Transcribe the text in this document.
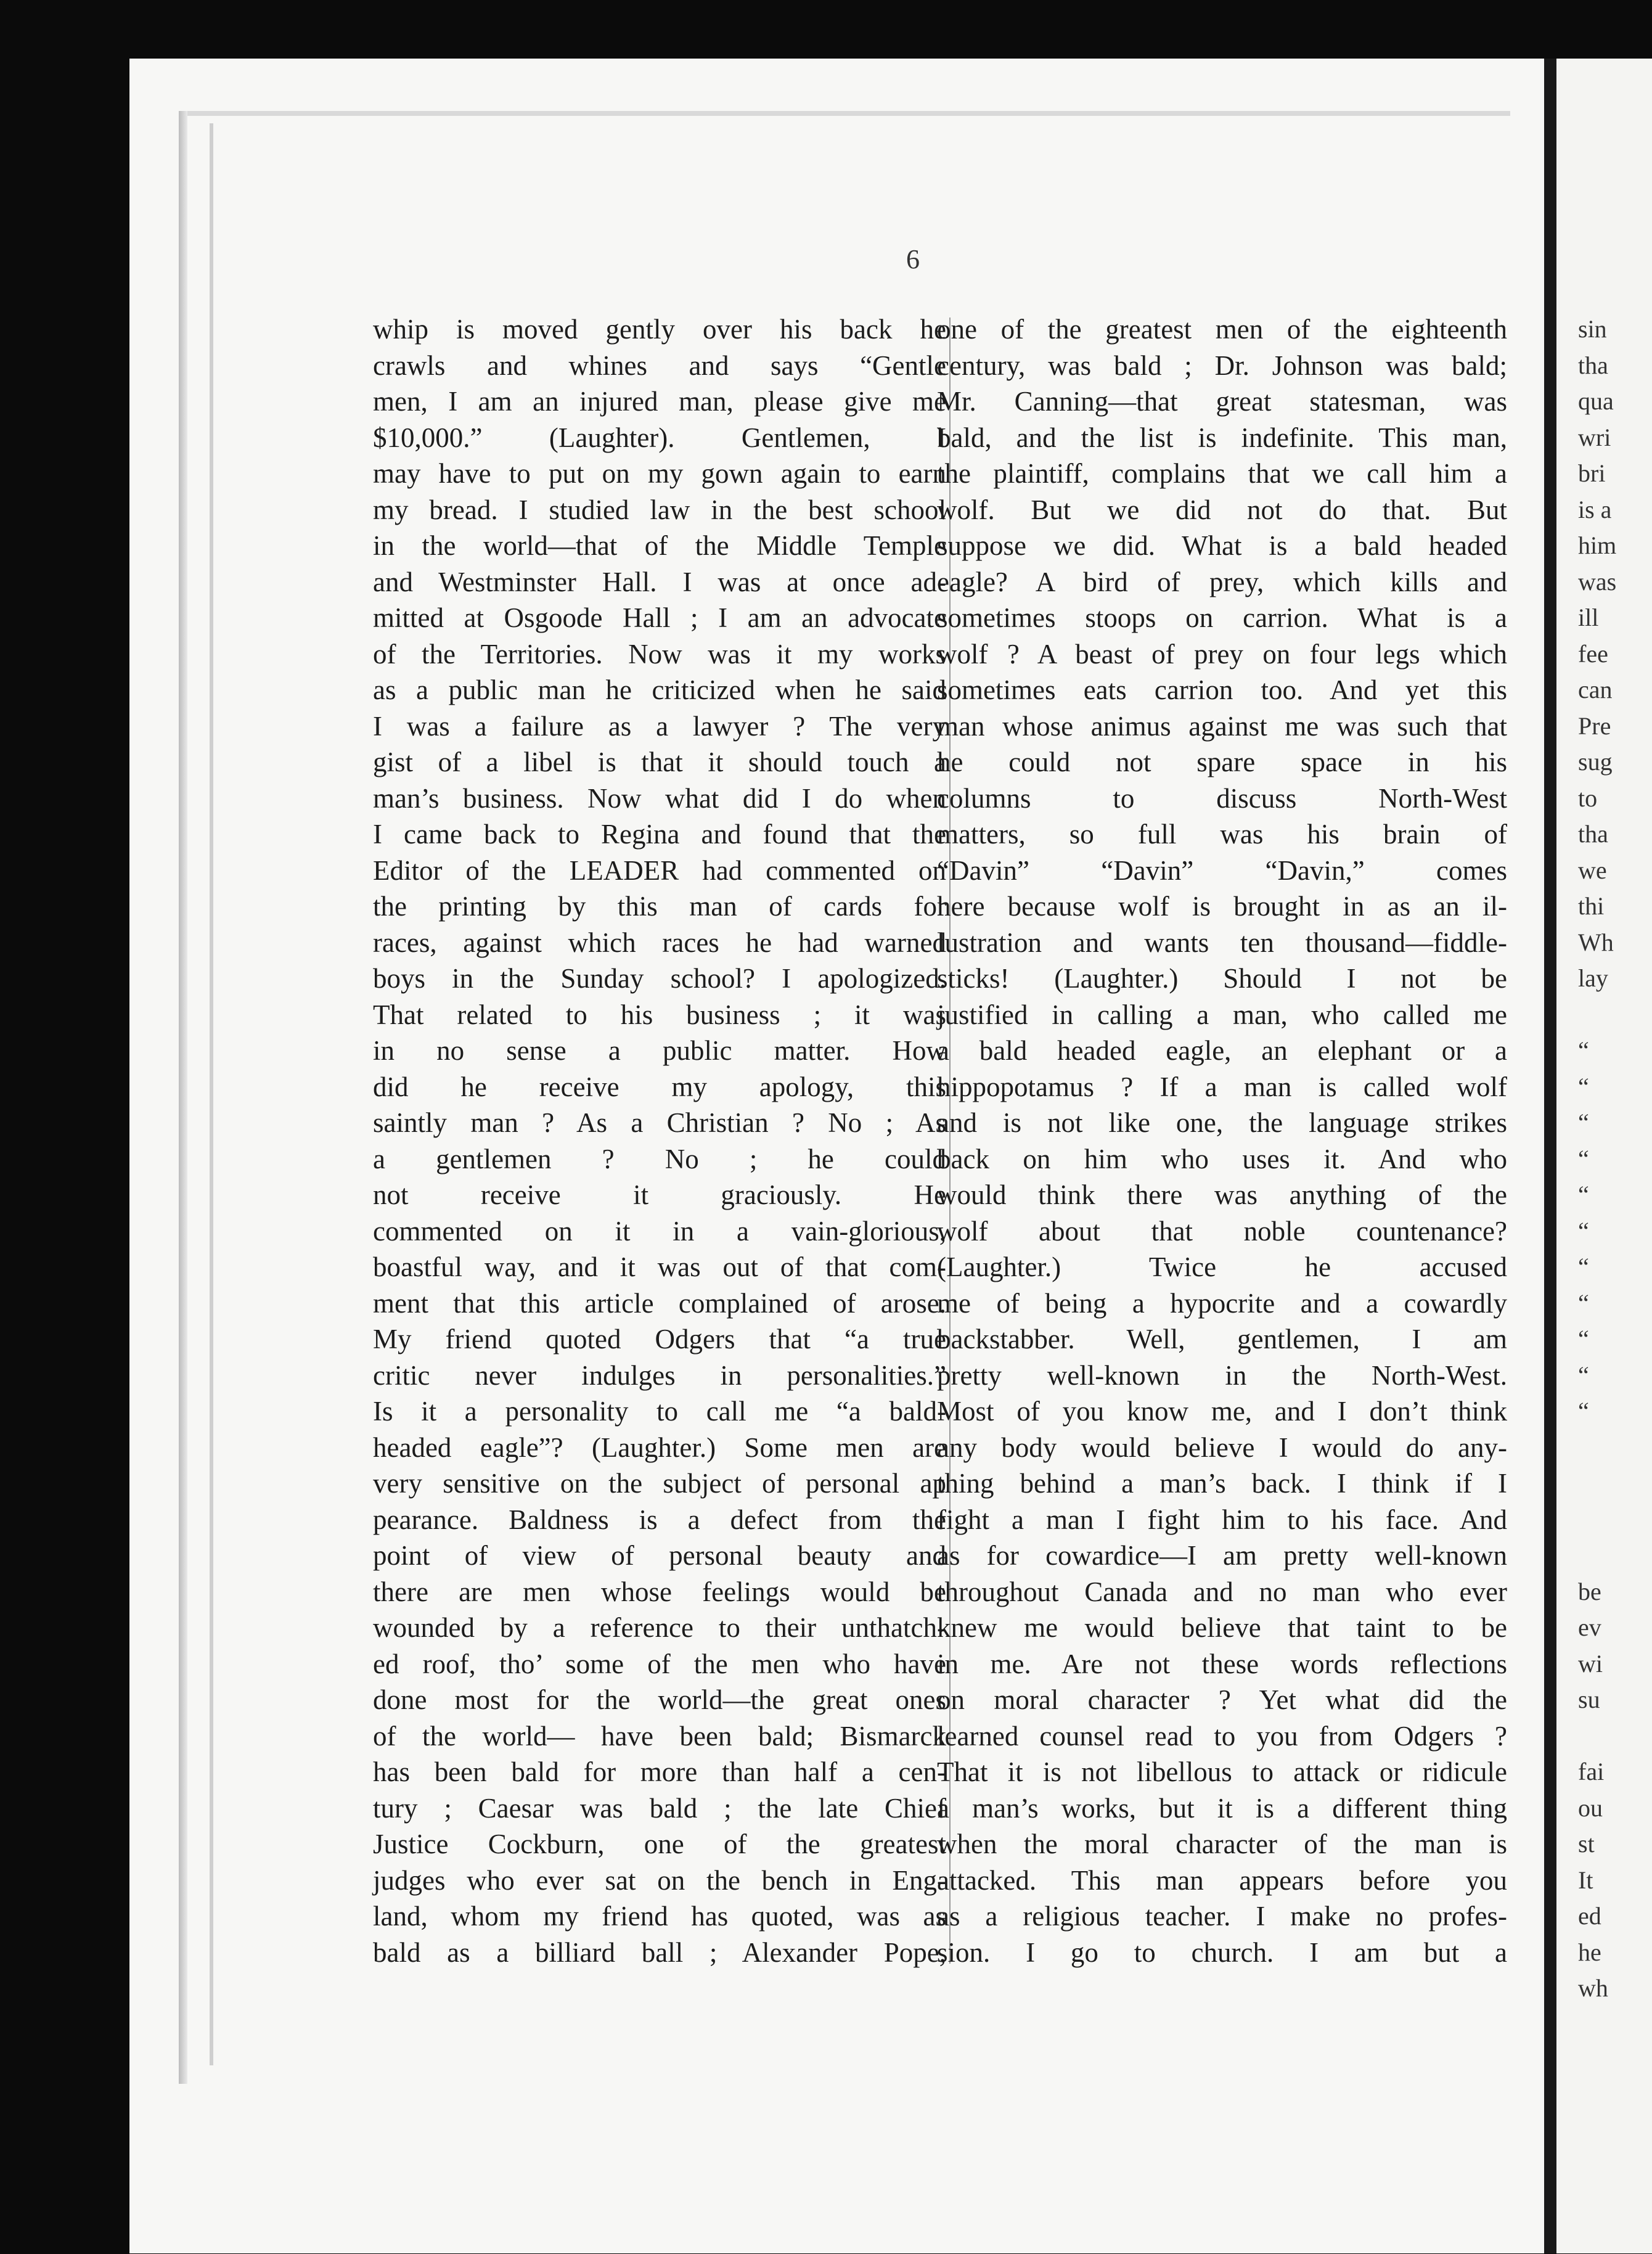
6
whip is moved gently over his back he
crawls and whines and says “Gentle
men, I am an injured man, please give me
$10,000.” (Laughter). Gentlemen, I
may have to put on my gown again to earn
my bread. I studied law in the best school
in the world—that of the Middle Temple
and Westminster Hall. I was at once ad-
mitted at Osgoode Hall ; I am an advocate
of the Territories. Now was it my works
as a public man he criticized when he said
I was a failure as a lawyer ? The very
gist of a libel is that it should touch a
man’s business. Now what did I do when
I came back to Regina and found that the
Editor of the LEADER had commented on
the printing by this man of cards for
races, against which races he had warned
boys in the Sunday school? I apologized.
That related to his business ; it was
in no sense a public matter. How
did he receive my apology, this
saintly man ? As a Christian ? No ; As
a gentlemen ? No ; he could
not receive it graciously. He
commented on it in a vain-glorious,
boastful way, and it was out of that com-
ment that this article complained of arose.
My friend quoted Odgers that “a true
critic never indulges in personalities.”
Is it a personality to call me “a bald-
headed eagle”? (Laughter.) Some men are
very sensitive on the subject of personal ap
pearance. Baldness is a defect from the
point of view of personal beauty and
there are men whose feelings would be
wounded by a reference to their unthatch-
ed roof, tho’ some of the men who have
done most for the world—the great ones
of the world— have been bald; Bismarck
has been bald for more than half a cen-
tury ; Caesar was bald ; the late Chief
Justice Cockburn, one of the greatest
judges who ever sat on the bench in Eng-
land, whom my friend has quoted, was as
bald as a billiard ball ; Alexander Pope,
one of the greatest men of the eighteenth
century, was bald ; Dr. Johnson was bald;
Mr. Canning—that great statesman, was
bald, and the list is indefinite. This man,
the plaintiff, complains that we call him a
wolf. But we did not do that. But
suppose we did. What is a bald headed
eagle? A bird of prey, which kills and
sometimes stoops on carrion. What is a
wolf ? A beast of prey on four legs which
sometimes eats carrion too. And yet this
man whose animus against me was such that
he could not spare space in his
columns to discuss North-West
matters, so full was his brain of
“Davin” “Davin” “Davin,” comes
here because wolf is brought in as an il-
lustration and wants ten thousand—fiddle-
sticks! (Laughter.) Should I not be
justified in calling a man, who called me
a bald headed eagle, an elephant or a
hippopotamus ? If a man is called wolf
and is not like one, the language strikes
back on him who uses it. And who
would think there was anything of the
wolf about that noble countenance?
(Laughter.) Twice he accused
me of being a hypocrite and a cowardly
backstabber. Well, gentlemen, I am
pretty well-known in the North-West.
Most of you know me, and I don’t think
any body would believe I would do any-
thing behind a man’s back. I think if I
fight a man I fight him to his face. And
as for cowardice—I am pretty well-known
throughout Canada and no man who ever
knew me would believe that taint to be
in me. Are not these words reflections
on moral character ? Yet what did the
learned counsel read to you from Odgers ?
That it is not libellous to attack or ridicule
a man’s works, but it is a different thing
when the moral character of the man is
attacked. This man appears before you
as a religious teacher. I make no profes-
sion. I go to church. I am but a
sin
tha
qua
wri
bri
is a
him
was
ill
fee
can
Pre
sug
to
tha
we
thi
Wh
lay

“
“
“
“
“
“
“
“
“
“
“

be
ev
wi
su

fai
ou
st
It
ed
he
wh
